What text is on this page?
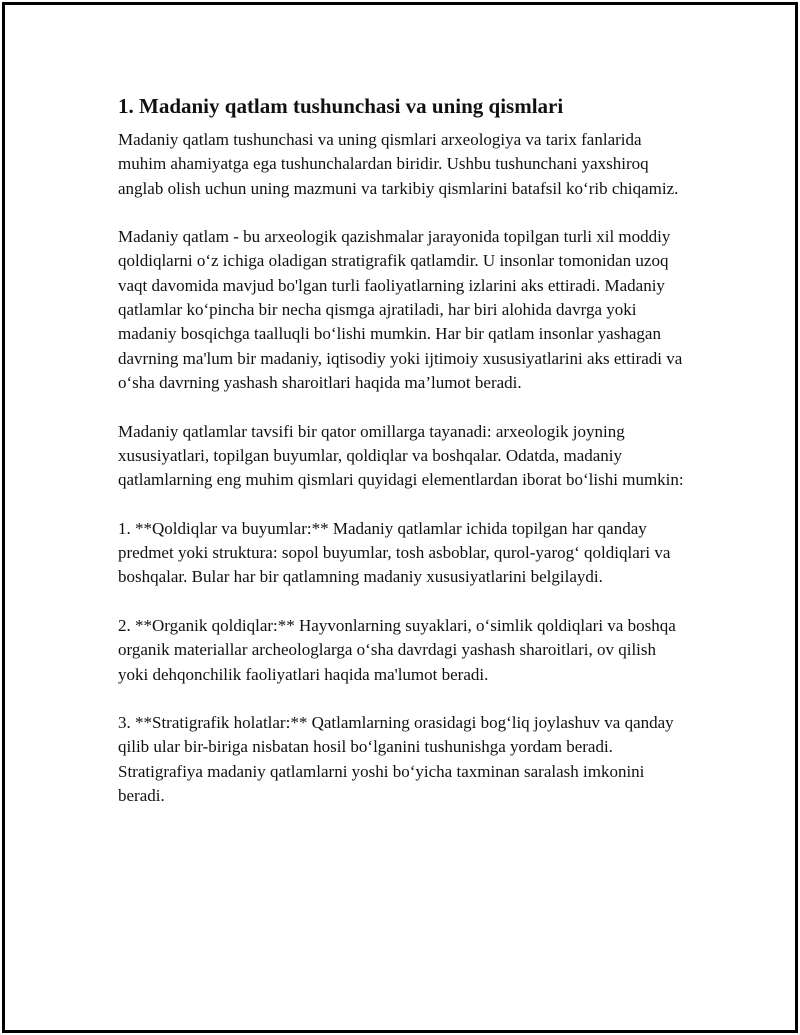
1. Madaniy qatlam tushunchasi va uning qismlari

Madaniy qatlam tushunchasi va uning qismlari arxeologiya va tarix fanlarida muhim ahamiyatga ega tushunchalardan biridir. Ushbu tushunchani yaxshiroq anglab olish uchun uning mazmuni va tarkibiy qismlarini batafsil ko‘rib chiqamiz.

Madaniy qatlam - bu arxeologik qazishmalar jarayonida topilgan turli xil moddiy qoldiqlarni o‘z ichiga oladigan stratigrafik qatlamdir. U insonlar tomonidan uzoq vaqt davomida mavjud bo'lgan turli faoliyatlarning izlarini aks ettiradi. Madaniy qatlamlar ko‘pincha bir necha qismga ajratiladi, har biri alohida davrga yoki madaniy bosqichga taalluqli bo‘lishi mumkin. Har bir qatlam insonlar yashagan davrning ma'lum bir madaniy, iqtisodiy yoki ijtimoiy xususiyatlarini aks ettiradi va o‘sha davrning yashash sharoitlari haqida ma’lumot beradi.

Madaniy qatlamlar tavsifi bir qator omillarga tayanadi: arxeologik joyning xususiyatlari, topilgan buyumlar, qoldiqlar va boshqalar. Odatda, madaniy qatlamlarning eng muhim qismlari quyidagi elementlardan iborat bo‘lishi mumkin:

1. **Qoldiqlar va buyumlar:** Madaniy qatlamlar ichida topilgan har qanday predmet yoki struktura: sopol buyumlar, tosh asboblar, qurol-yarog‘ qoldiqlari va boshqalar. Bular har bir qatlamning madaniy xususiyatlarini belgilaydi.

2. **Organik qoldiqlar:** Hayvonlarning suyaklari, o‘simlik qoldiqlari va boshqa organik materiallar archeologlarga o‘sha davrdagi yashash sharoitlari, ov qilish yoki dehqonchilik faoliyatlari haqida ma'lumot beradi.

3. **Stratigrafik holatlar:** Qatlamlarning orasidagi bog‘liq joylashuv va qanday qilib ular bir-biriga nisbatan hosil bo‘lganini tushunishga yordam beradi. Stratigrafiya madaniy qatlamlarni yoshi bo‘yicha taxminan saralash imkonini beradi.
